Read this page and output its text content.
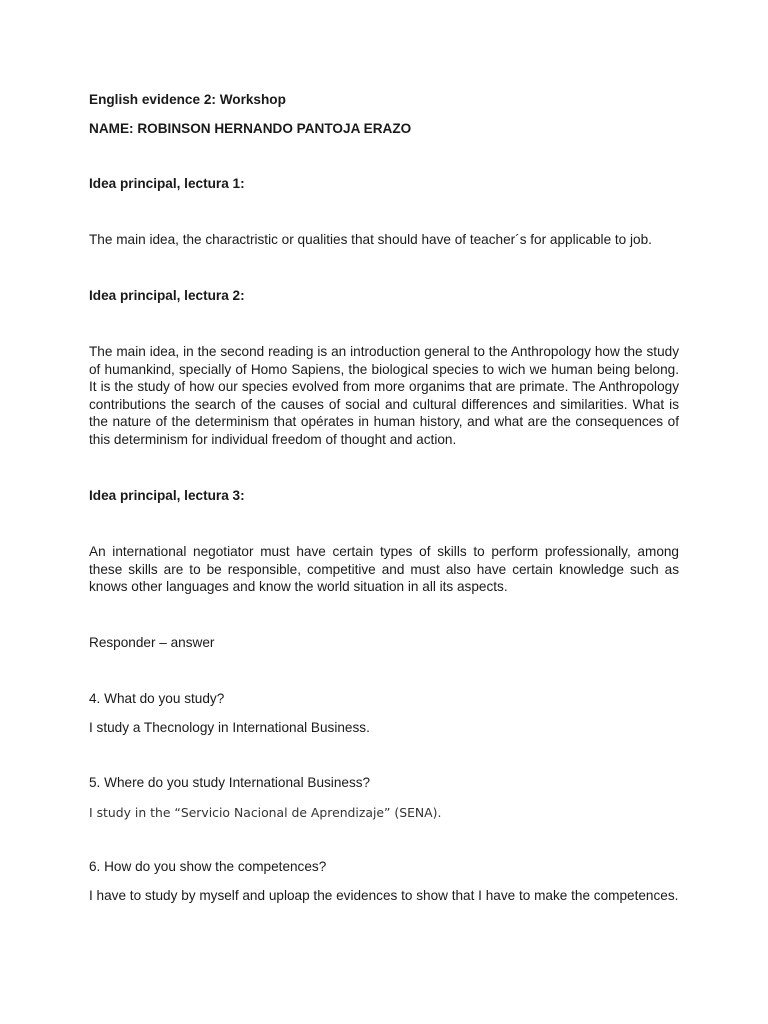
English evidence 2: Workshop

NAME: ROBINSON HERNANDO PANTOJA ERAZO

Idea principal, lectura 1:

The main idea, the charactristic or qualities that should have of teacher´s for applicable to job.

Idea principal, lectura 2:

The main idea, in the second reading is an introduction general to the Anthropology how the study of humankind, specially of Homo Sapiens, the biological species to wich we human being belong. It is the study of how our species evolved from more organims that are primate. The Anthropology contributions the search of the causes of social and cultural differences and similarities. What is the nature of the determinism that opérates in human history, and what are the consequences of this determinism for individual freedom of thought and action.

Idea principal, lectura 3:

An international negotiator must have certain types of skills to perform professionally, among these skills are to be responsible, competitive and must also have certain knowledge such as knows other languages and know the world situation in all its aspects.

Responder – answer

4. What do you study?

I study a Thecnology in International Business.

5. Where do you study International Business?

I study in the “Servicio Nacional de Aprendizaje” (SENA).

6. How do you show the competences?

I have to study by myself and uploap the evidences to show that I have to make the competences.
